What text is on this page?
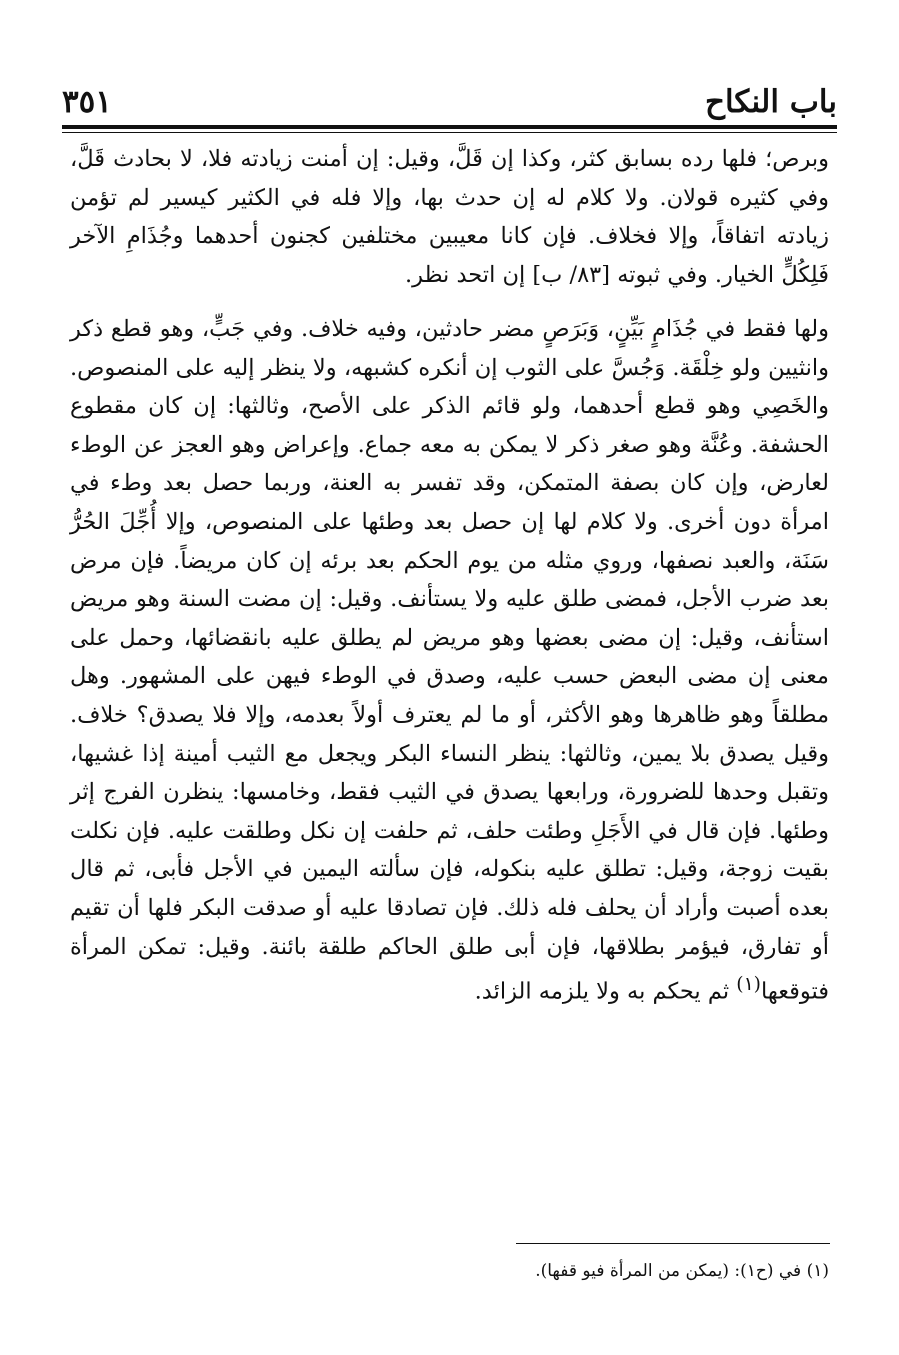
٣٥١	باب النكاح

وبرص؛ فلها رده بسابق كثر، وكذا إن قَلَّ، وقيل: إن أمنت زيادته فلا، لا بحادث قَلَّ، وفي كثيره قولان. ولا كلام له إن حدث بها، وإلا فله في الكثير كيسير لم تؤمن زيادته اتفاقاً، وإلا فخلاف. فإن كانا معيبين مختلفين كجنون أحدهما وجُذَامِ الآخر فَلِكُلٍّ الخيار. وفي ثبوته [٨٣/ ب] إن اتحد نظر.

ولها فقط في جُذَامٍ بَيِّنٍ، وَبَرَصٍ مضر حادثين، وفيه خلاف. وفي جَبٍّ، وهو قطع ذكر وانثيين ولو خِلْقَة. وَجُسَّ على الثوب إن أنكره كشبهه، ولا ينظر إليه على المنصوص. والخَصِي وهو قطع أحدهما، ولو قائم الذكر على الأصح، وثالثها: إن كان مقطوع الحشفة. وعُنَّة وهو صغر ذكر لا يمكن به معه جماع. وإعراض وهو العجز عن الوطء لعارض، وإن كان بصفة المتمكن، وقد تفسر به العنة، وربما حصل بعد وطء في امرأة دون أخرى. ولا كلام لها إن حصل بعد وطئها على المنصوص، وإلا أُجِّلَ الحُرُّ سَنَة، والعبد نصفها، وروي مثله من يوم الحكم بعد برئه إن كان مريضاً. فإن مرض بعد ضرب الأجل، فمضى طلق عليه ولا يستأنف. وقيل: إن مضت السنة وهو مريض استأنف، وقيل: إن مضى بعضها وهو مريض لم يطلق عليه بانقضائها، وحمل على معنى إن مضى البعض حسب عليه، وصدق في الوطء فيهن على المشهور. وهل مطلقاً وهو ظاهرها وهو الأكثر، أو ما لم يعترف أولاً بعدمه، وإلا فلا يصدق؟ خلاف. وقيل يصدق بلا يمين، وثالثها: ينظر النساء البكر ويجعل مع الثيب أمينة إذا غشيها، وتقبل وحدها للضرورة، ورابعها يصدق في الثيب فقط، وخامسها: ينظرن الفرج إثر وطئها. فإن قال في الأَجَلِ وطئت حلف، ثم حلفت إن نكل وطلقت عليه. فإن نكلت بقيت زوجة، وقيل: تطلق عليه بنكوله، فإن سألته اليمين في الأجل فأبى، ثم قال بعده أصبت وأراد أن يحلف فله ذلك. فإن تصادقا عليه أو صدقت البكر فلها أن تقيم أو تفارق، فيؤمر بطلاقها، فإن أبى طلق الحاكم طلقة بائنة. وقيل: تمكن المرأة فتوقعها$^{(١)}$ ثم يحكم به ولا يلزمه الزائد.

(١) في (ح١): (يمكن من المرأة فيو قفها).
